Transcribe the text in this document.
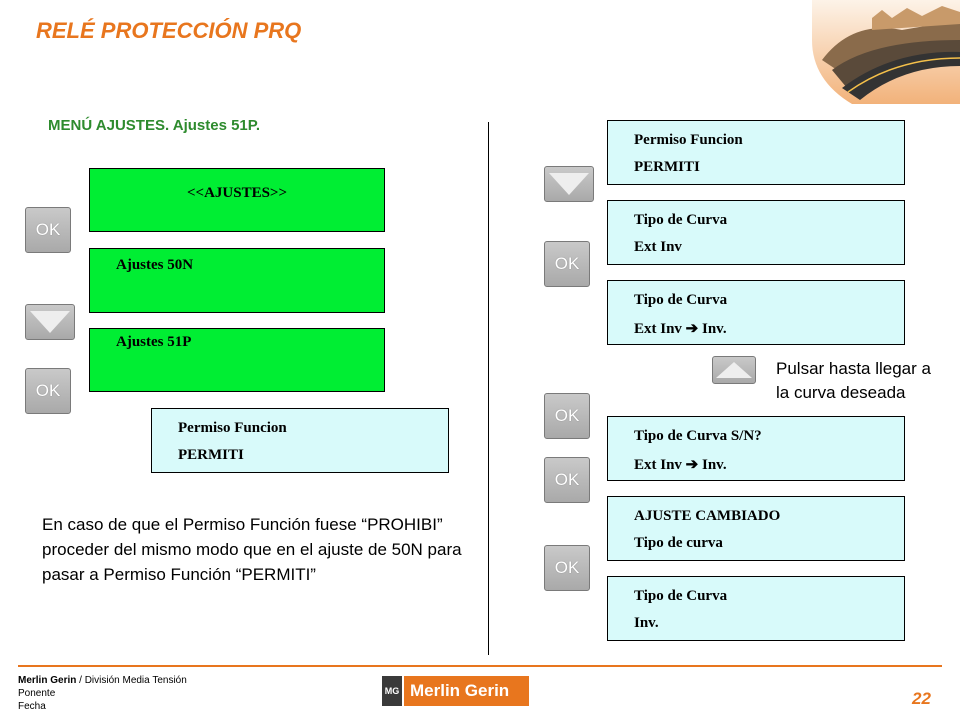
RELÉ PROTECCIÓN PRQ
MENÚ AJUSTES. Ajustes 51P.
<<AJUSTES>>
Ajustes 50N
Ajustes 51P
Permiso Funcion
PERMITI
OK
OK
En caso de que el Permiso Función fuese “PROHIBI” proceder del mismo modo que en el ajuste de 50N para pasar a Permiso Función “PERMITI”
OK
OK
OK
OK
Permiso Funcion
PERMITI
Tipo de Curva
Ext Inv
Tipo de Curva
Ext Inv ➔ Inv.
Pulsar hasta llegar a la curva deseada
Tipo de Curva S/N?
Ext Inv ➔ Inv.
AJUSTE CAMBIADO
Tipo de curva
Tipo de Curva
Inv.
Merlin Gerin / División Media Tensión
Ponente
Fecha
MG Merlin Gerin	22
